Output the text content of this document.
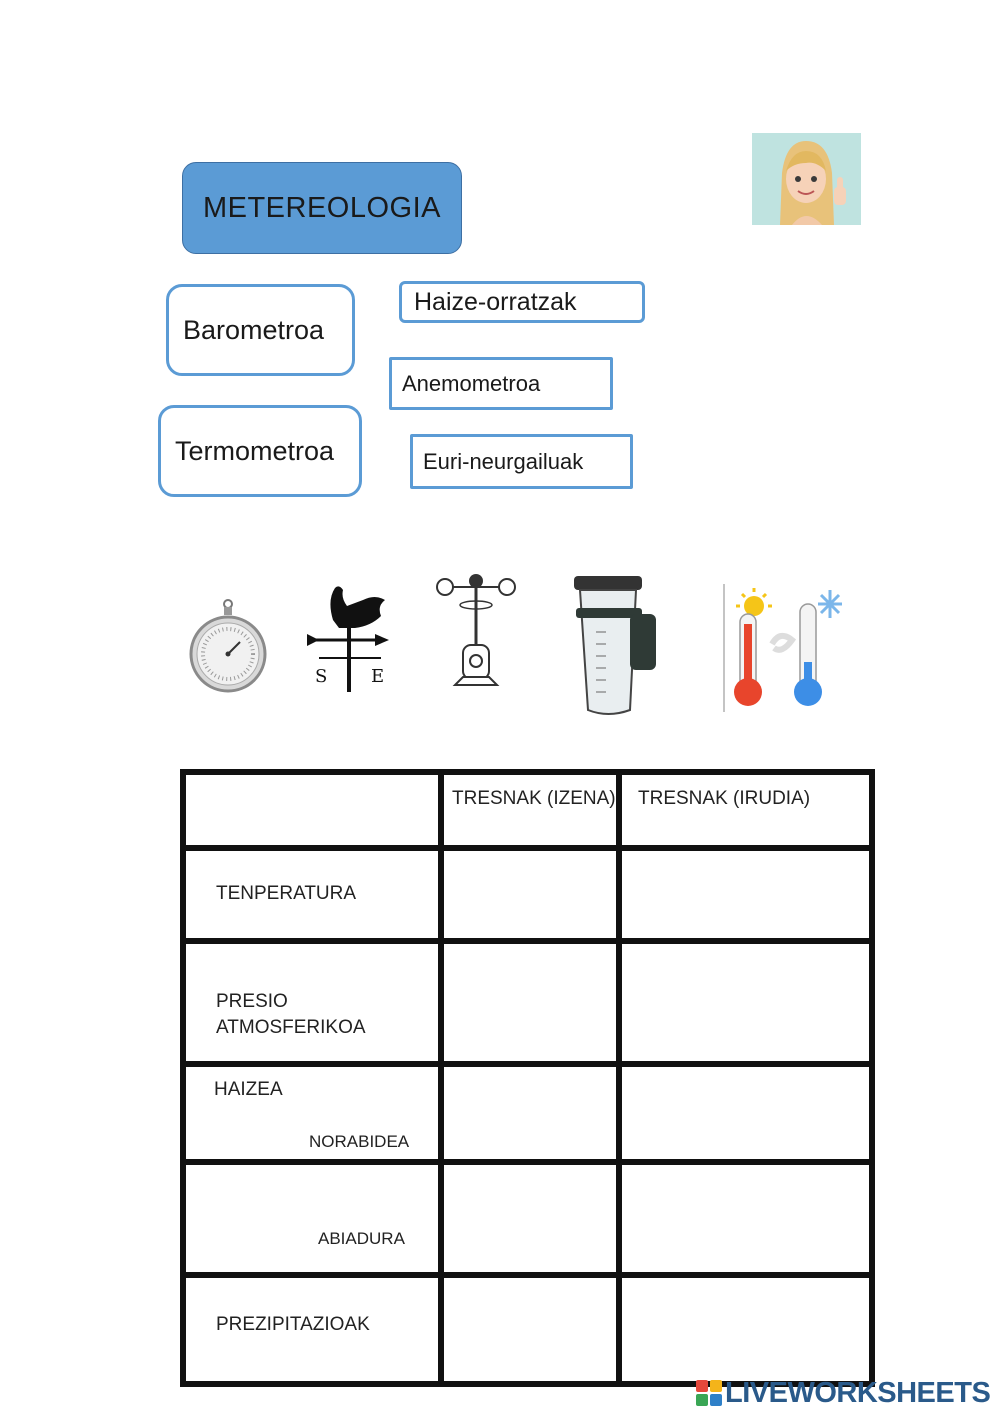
METEREOLOGIA
Barometroa
Haize-orratzak
Anemometroa
Termometroa	Euri-neurgailuak
S E

	TRESNAK (IZENA)	TRESNAK (IRUDIA)

TENPERATURA		

PRESIO ATMOSFERIKOA		

HAIZEA
NORABIDEA		

ABIADURA		

PREZIPITAZIOAK		

LIVEWORKSHEETS
